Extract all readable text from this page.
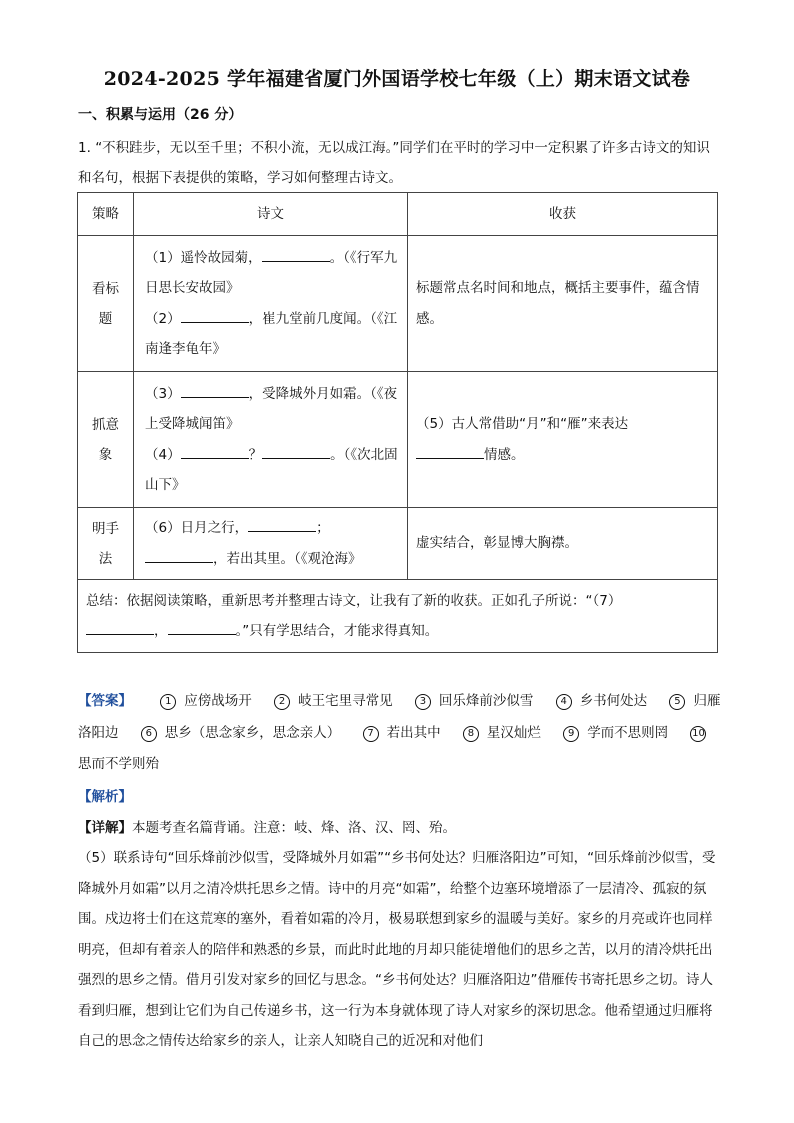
2024-2025 学年福建省厦门外国语学校七年级（上）期末语文试卷
一、积累与运用（26 分）
1. “不积跬步，无以至千里；不积小流，无以成江海。”同学们在平时的学习中一定积累了许多古诗文的知识和名句，根据下表提供的策略，学习如何整理古诗文。
策略	诗文	收获

看标题	（1）遥怜故园菊， 。（《行军九日思长安故园》
（2） ，崔九堂前几度闻。（《江南逢李龟年》	标题常点名时间和地点，概括主要事件，蕴含情感。

抓意象	（3） ，受降城外月如霜。（《夜上受降城闻笛》
（4） ？ 。（《次北固山下》	（5）古人常借助“月”和“雁”来表达
情感。

明手法	（6）日月之行， ；
，若出其里。（《观沧海》	虚实结合，彰显博大胸襟。
总结：依据阅读策略，重新思考并整理古诗文，让我有了新的收获。正如孔子所说：“（7）
， 。”只有学思结合，才能求得真知。		
【答案】	1 应傍战场开	2 岐王宅里寻常见	3 回乐烽前沙似雪	4 乡书何处达	5 归雁洛阳边	6 思乡（思念家乡，思念亲人）	7 若出其中	8 星汉灿烂	9 学而不思则罔 10思而不学则殆

【解析】

【详解】本题考查名篇背诵。注意：岐、烽、洛、汉、罔、殆。

（5）联系诗句“回乐烽前沙似雪，受降城外月如霜”“乡书何处达？归雁洛阳边”可知，“回乐烽前沙似雪，受降城外月如霜”以月之清冷烘托思乡之情。诗中的月亮“如霜”，给整个边塞环境增添了一层清冷、孤寂的氛围。戍边将士们在这荒寒的塞外，看着如霜的冷月，极易联想到家乡的温暖与美好。家乡的月亮或许也同样明亮，但却有着亲人的陪伴和熟悉的乡景，而此时此地的月却只能徒增他们的思乡之苦，以月的清冷烘托出强烈的思乡之情。借月引发对家乡的回忆与思念。“乡书何处达？归雁洛阳边”借雁传书寄托思乡之切。诗人看到归雁，想到让它们为自己传递乡书，这一行为本身就体现了诗人对家乡的深切思念。他希望通过归雁将自己的思念之情传达给家乡的亲人，让亲人知晓自己的近况和对他们
